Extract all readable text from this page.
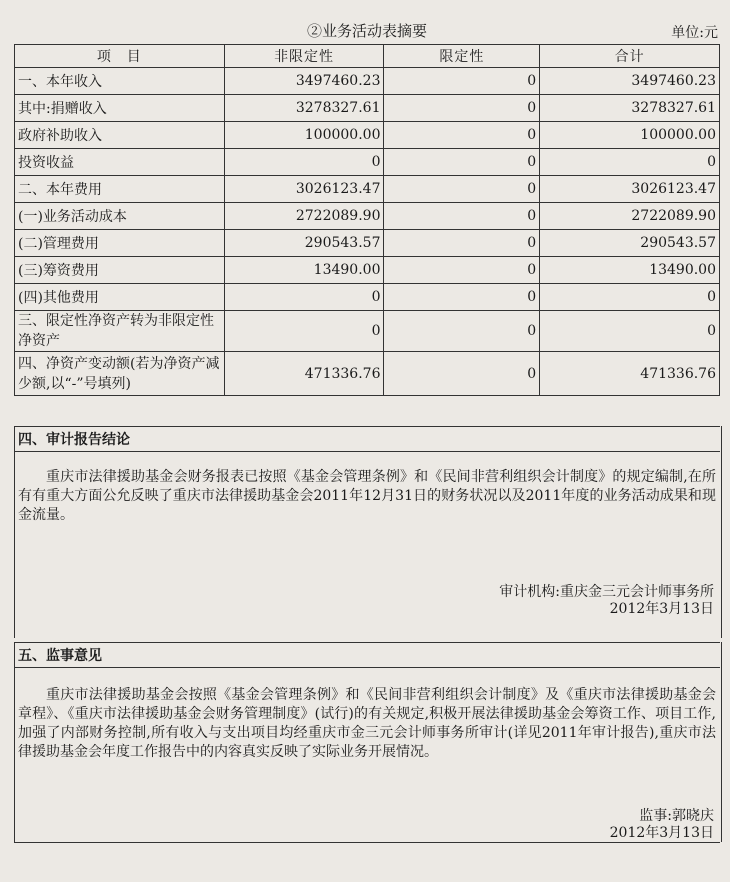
②业务活动表摘要	单位:元
项　目	非限定性	限定性	合计
一、本年收入	3497460.23	0	3497460.23
其中:捐赠收入	3278327.61	0	3278327.61
政府补助收入	100000.00	0	100000.00
投资收益	0	0	0
二、本年费用	3026123.47	0	3026123.47
(一)业务活动成本	2722089.90	0	2722089.90
(二)管理费用	290543.57	0	290543.57
(三)筹资费用	13490.00	0	13490.00
(四)其他费用	0	0	0
三、限定性净资产转为非限定性净资产	0	0	0
四、净资产变动额(若为净资产减少额,以“-”号填列)	471336.76	0	471336.76
四、审计报告结论
重庆市法律援助基金会财务报表已按照《基金会管理条例》和《民间非营利组织会计制度》的规定编制,在所有有重大方面公允反映了重庆市法律援助基金会2011年12月31日的财务状况以及2011年度的业务活动成果和现金流量。
审计机构:重庆金三元会计师事务所
2012年3月13日
五、监事意见
重庆市法律援助基金会按照《基金会管理条例》和《民间非营利组织会计制度》及《重庆市法律援助基金会章程》、《重庆市法律援助基金会财务管理制度》(试行)的有关规定,积极开展法律援助基金会筹资工作、项目工作,加强了内部财务控制,所有收入与支出项目均经重庆市金三元会计师事务所审计(详见2011年审计报告),重庆市法律援助基金会年度工作报告中的内容真实反映了实际业务开展情况。
监事:郭晓庆
2012年3月13日
